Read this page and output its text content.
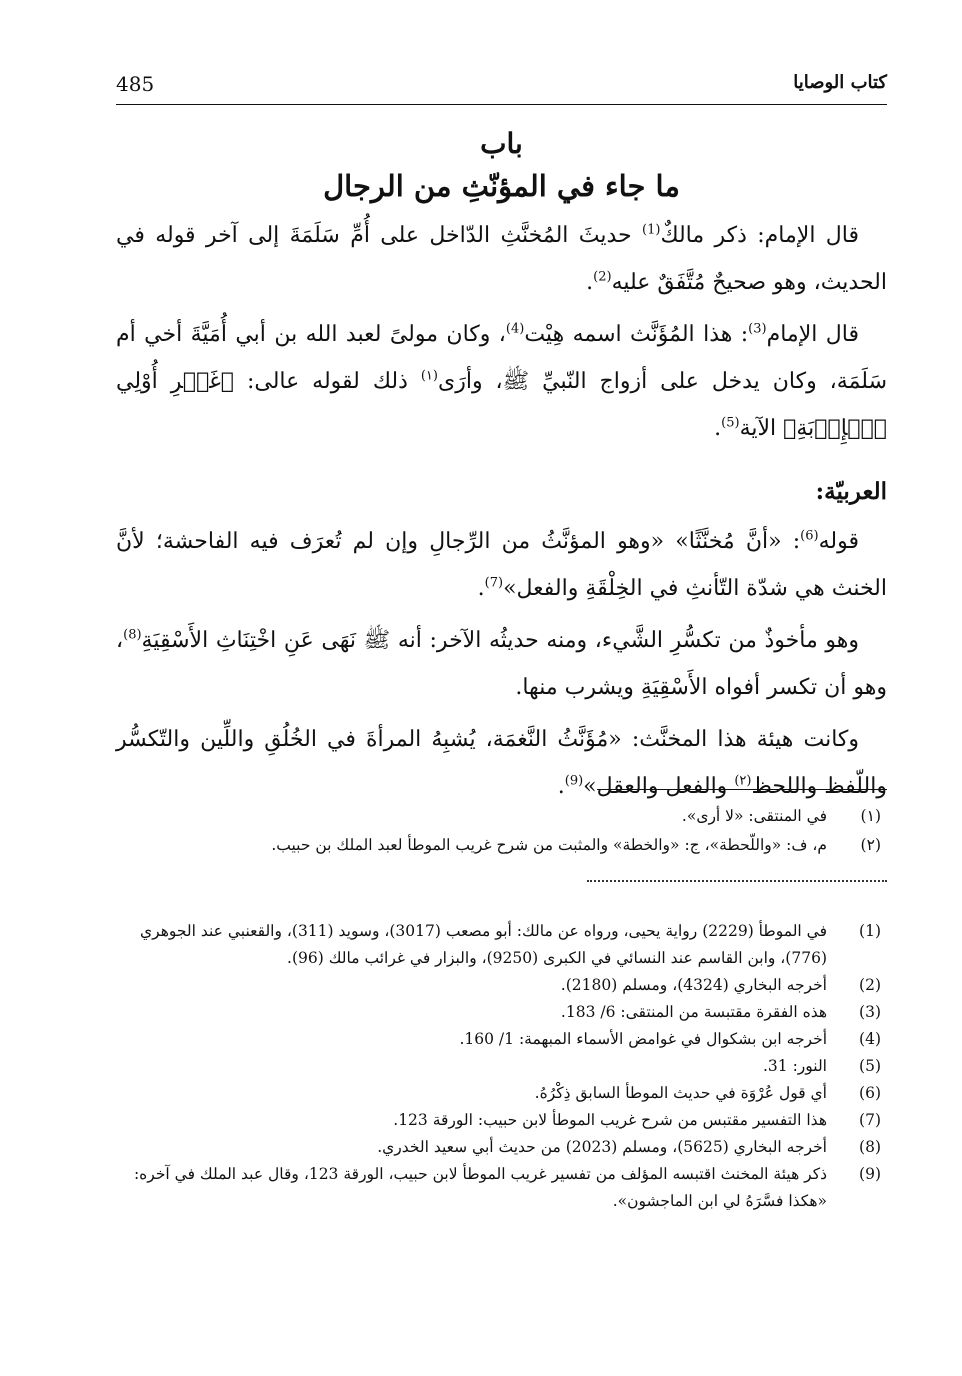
485	كتاب الوصايا
باب
ما جاء في المؤنّثِ من الرجال

قال الإمام: ذكر مالكٌ$^{(1)}$ حديثَ المُخنَّثِ الدّاخل على أُمِّ سَلَمَةَ إلى آخر قوله في الحديث، وهو صحيحٌ مُتَّفَقٌ عليه$^{(2)}$.

قال الإمام$^{(3)}$: هذا المُؤَنَّث اسمه هِيْت$^{(4)}$، وكان مولىً لعبد الله بن أبي أُمَيَّةَ أخي أم سَلَمَة، وكان يدخل على أزواج النّبيِّ ﷺ، وأرَى$^{(١)}$ ذلك لقوله عالى: ﴿غَيۡرِ أُوْلِي ٱلۡإِرۡبَةِ﴾ الآية$^{(5)}$.

العربيّة:

قوله$^{(6)}$: «أنَّ مُخنَّثًا» «وهو المؤنَّثُ من الرِّجالِ وإن لم تُعرَف فيه الفاحشة؛ لأنَّ الخنث هي شدّة التّأنثِ في الخِلْقَةِ والفعل»$^{(7)}$.

وهو مأخوذٌ من تكسُّرِ الشَّيء، ومنه حديثُه الآخر: أنه ﷺ نَهَى عَنِ اخْتِنَاثِ الأَسْقِيَةِ$^{(8)}$، وهو أن تكسر أفواه الأَسْقِيَةِ ويشرب منها.

وكانت هيئة هذا المخنَّث: «مُؤَنَّثُ النَّغمَة، يُشبِهُ المرأةَ في الخُلُقِ واللِّين والتّكسُّر واللّفظ واللحظ$^{(٢)}$ والفعل والعقل»$^{(9)}$.

(١)
في المنتقى: «لا أرى».
(٢)
م، ف: «واللّحطة»، ج: «والخطة» والمثبت من شرح غريب الموطأ لعبد الملك بن حبيب.
(1)
في الموطأ (2229) رواية يحيى، ورواه عن مالك: أبو مصعب (3017)، وسويد (311)، والقعنبي عند الجوهري (776)، وابن القاسم عند النسائي في الكبرى (9250)، والبزار في غرائب مالك (96).
(2)
أخرجه البخاري (4324)، ومسلم (2180).
(3)
هذه الفقرة مقتبسة من المنتقى: 6/ 183.
(4)
أخرجه ابن بشكوال في غوامض الأسماء المبهمة: 1/ 160.
(5)
النور: 31.
(6)
أي قول عُرْوَة في حديث الموطأ السابق ذِكْرُهُ.
(7)
هذا التفسير مقتبس من شرح غريب الموطأ لابن حبيب: الورقة 123.
(8)
أخرجه البخاري (5625)، ومسلم (2023) من حديث أبي سعيد الخدري.
(9)
ذكر هيئة المخنث اقتبسه المؤلف من تفسير غريب الموطأ لابن حبيب، الورقة 123، وقال عبد الملك في آخره: «هكذا فسَّرَهُ لي ابن الماجشون».
